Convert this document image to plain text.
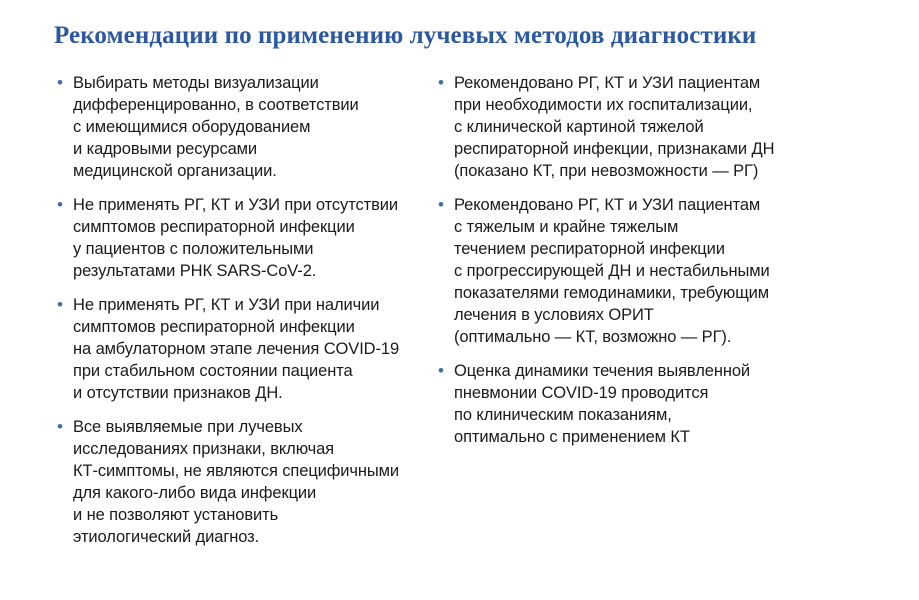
Рекомендации по применению лучевых методов диагностики
• Выбирать методы визуализации
дифференцированно, в соответствии
с имеющимися оборудованием
и кадровыми ресурсами
медицинской организации.
• Не применять РГ, КТ и УЗИ при отсутствии
симптомов респираторной инфекции
у пациентов с положительными
результатами РНК SARS-CoV-2.
• Не применять РГ, КТ и УЗИ при наличии
симптомов респираторной инфекции
на амбулаторном этапе лечения COVID-19
при стабильном состоянии пациента
и отсутствии признаков ДН.
• Все выявляемые при лучевых
исследованиях признаки, включая
КТ-симптомы, не являются специфичными
для какого-либо вида инфекции
и не позволяют установить
этиологический диагноз.
• Рекомендовано РГ, КТ и УЗИ пациентам
при необходимости их госпитализации,
с клинической картиной тяжелой
респираторной инфекции, признаками ДН
(показано КТ, при невозможности — РГ)
• Рекомендовано РГ, КТ и УЗИ пациентам
с тяжелым и крайне тяжелым
течением респираторной инфекции
с прогрессирующей ДН и нестабильными
показателями гемодинамики, требующим
лечения в условиях ОРИТ
(оптимально — КТ, возможно — РГ).
• Оценка динамики течения выявленной
пневмонии COVID-19 проводится
по клиническим показаниям,
оптимально с применением КТ
